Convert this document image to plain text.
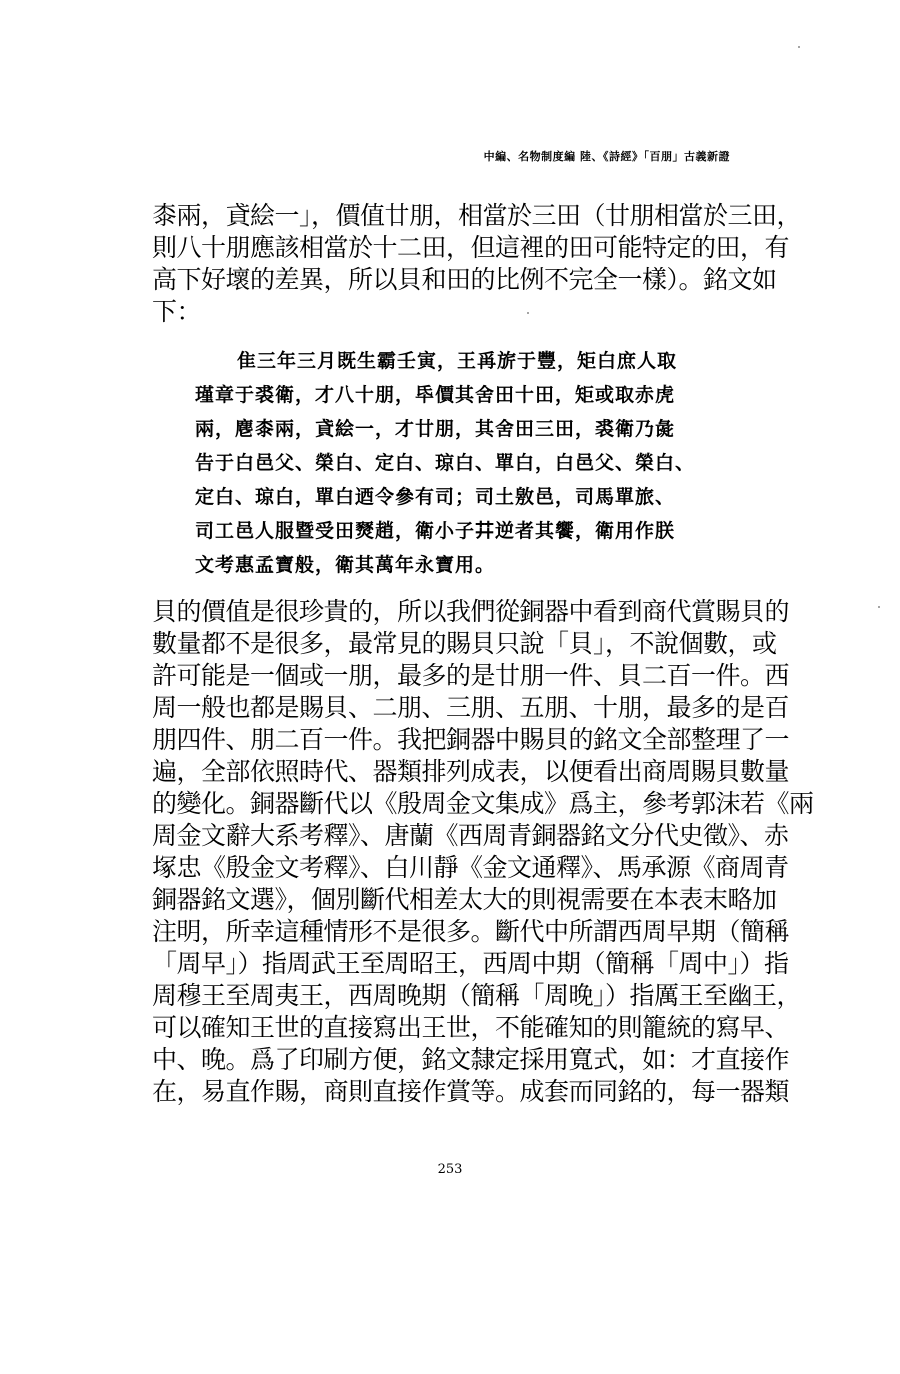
中編、名物制度編 陸、《詩經》「百朋」古義新證
桼兩，貣絵一」，價值廿朋，相當於三田（廿朋相當於三田，
則八十朋應該相當於十二田，但這裡的田可能特定的田，有
高下好壞的差異，所以貝和田的比例不完全一樣）。銘文如
下：
隹三年三月既生霸壬寅，王爯旂于豐，矩白庶人取
瑾章于裘衛，才八十朋，氒價其舍田十田，矩或取赤虎
兩，麀桼兩，貣絵一，才廿朋，其舍田三田，裘衛乃彘
告于白邑父、榮白、定白、琼白、單白，白邑父、榮白、
定白、琼白，單白迺令參有司；司土敫邑，司馬單旅、
司工邑人服暨受田燹趙，衛小子𦬇逆者其饗，衛用作朕
文考惠孟寶般，衛其萬年永寶用。
貝的價值是很珍貴的，所以我們從銅器中看到商代賞賜貝的
數量都不是很多，最常見的賜貝只說「貝」，不說個數，或
許可能是一個或一朋，最多的是廿朋一件、貝二百一件。西
周一般也都是賜貝、二朋、三朋、五朋、十朋，最多的是百
朋四件、朋二百一件。我把銅器中賜貝的銘文全部整理了一
遍，全部依照時代、器類排列成表，以便看出商周賜貝數量
的變化。銅器斷代以《殷周金文集成》爲主，參考郭沫若《兩
周金文辭大系考釋》、唐蘭《西周青銅器銘文分代史徵》、赤
塚忠《殷金文考釋》、白川靜《金文通釋》、馬承源《商周青
銅器銘文選》，個別斷代相差太大的則視需要在本表末略加
注明，所幸這種情形不是很多。斷代中所謂西周早期（簡稱
「周早」）指周武王至周昭王，西周中期（簡稱「周中」）指
周穆王至周夷王，西周晚期（簡稱「周晚」）指厲王至幽王，
可以確知王世的直接寫出王世，不能確知的則籠統的寫早、
中、晚。爲了印刷方便，銘文隸定採用寬式，如：才直接作
在，易直作賜，商則直接作賞等。成套而同銘的，每一器類
253
